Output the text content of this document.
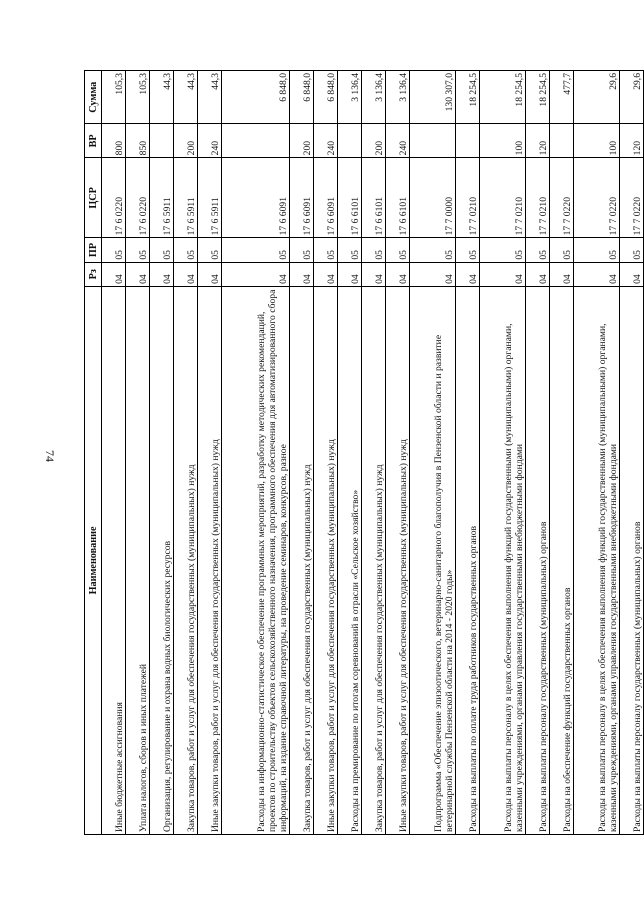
74
Наименование	Рз	ПР	ЦСР	ВР	Сумма
Иные бюджетные ассигнования	04	05	17 6 0220	800	105,3
Уплата налогов, сборов и иных платежей	04	05	17 6 0220	850	105,3
Организация, регулирование и охрана водных биологических ресурсов	04	05	17 6 5911		44,3
Закупка товаров, работ и услуг для обеспечения государственных (муниципальных) нужд	04	05	17 6 5911	200	44,3
Иные закупки товаров, работ и услуг для обеспечения государственных (муниципальных) нужд	04	05	17 6 5911	240	44,3
Расходы на информационно-статистическое обеспечение программных мероприятий, разработку методических рекомендаций, проектов по строительству объектов сельскохозяйственного назначения, программного обеспечения для автоматизированного сбора информаций, на издание справочной литературы, на проведение семинаров, конкурсов, разное	04	05	17 6 6091		6 848,0
Закупка товаров, работ и услуг для обеспечения государственных (муниципальных) нужд	04	05	17 6 6091	200	6 848,0
Иные закупки товаров, работ и услуг для обеспечения государственных (муниципальных) нужд	04	05	17 6 6091	240	6 848,0
Расходы на премирование по итогам соревнований в отрасли «Сельское хозяйство»	04	05	17 6 6101		3 136,4
Закупка товаров, работ и услуг для обеспечения государственных (муниципальных) нужд	04	05	17 6 6101	200	3 136,4
Иные закупки товаров, работ и услуг для обеспечения государственных (муниципальных) нужд	04	05	17 6 6101	240	3 136,4
Подпрограмма «Обеспечение эпизоотического, ветеринарно-санитарного благополучия в Пензенской области и развитие ветеринарной службы Пензенской области на 2014 - 2020 годы»	04	05	17 7 0000		130 307,0
Расходы на выплаты по оплате труда работников государственных органов	04	05	17 7 0210		18 254,5
Расходы на выплаты персоналу в целях обеспечения выполнения функций государственными (муниципальными) органами, казенными учреждениями, органами управления государственными внебюджетными фондами	04	05	17 7 0210	100	18 254,5
Расходы на выплаты персоналу государственных (муниципальных) органов	04	05	17 7 0210	120	18 254,5
Расходы на обеспечение функций государственных органов	04	05	17 7 0220		477,7
Расходы на выплаты персоналу в целях обеспечения выполнения функций государственными (муниципальными) органами, казенными учреждениями, органами управления государственными внебюджетными фондами	04	05	17 7 0220	100	29,6
Расходы на выплаты персоналу государственных (муниципальных) органов	04	05	17 7 0220	120	29,6
